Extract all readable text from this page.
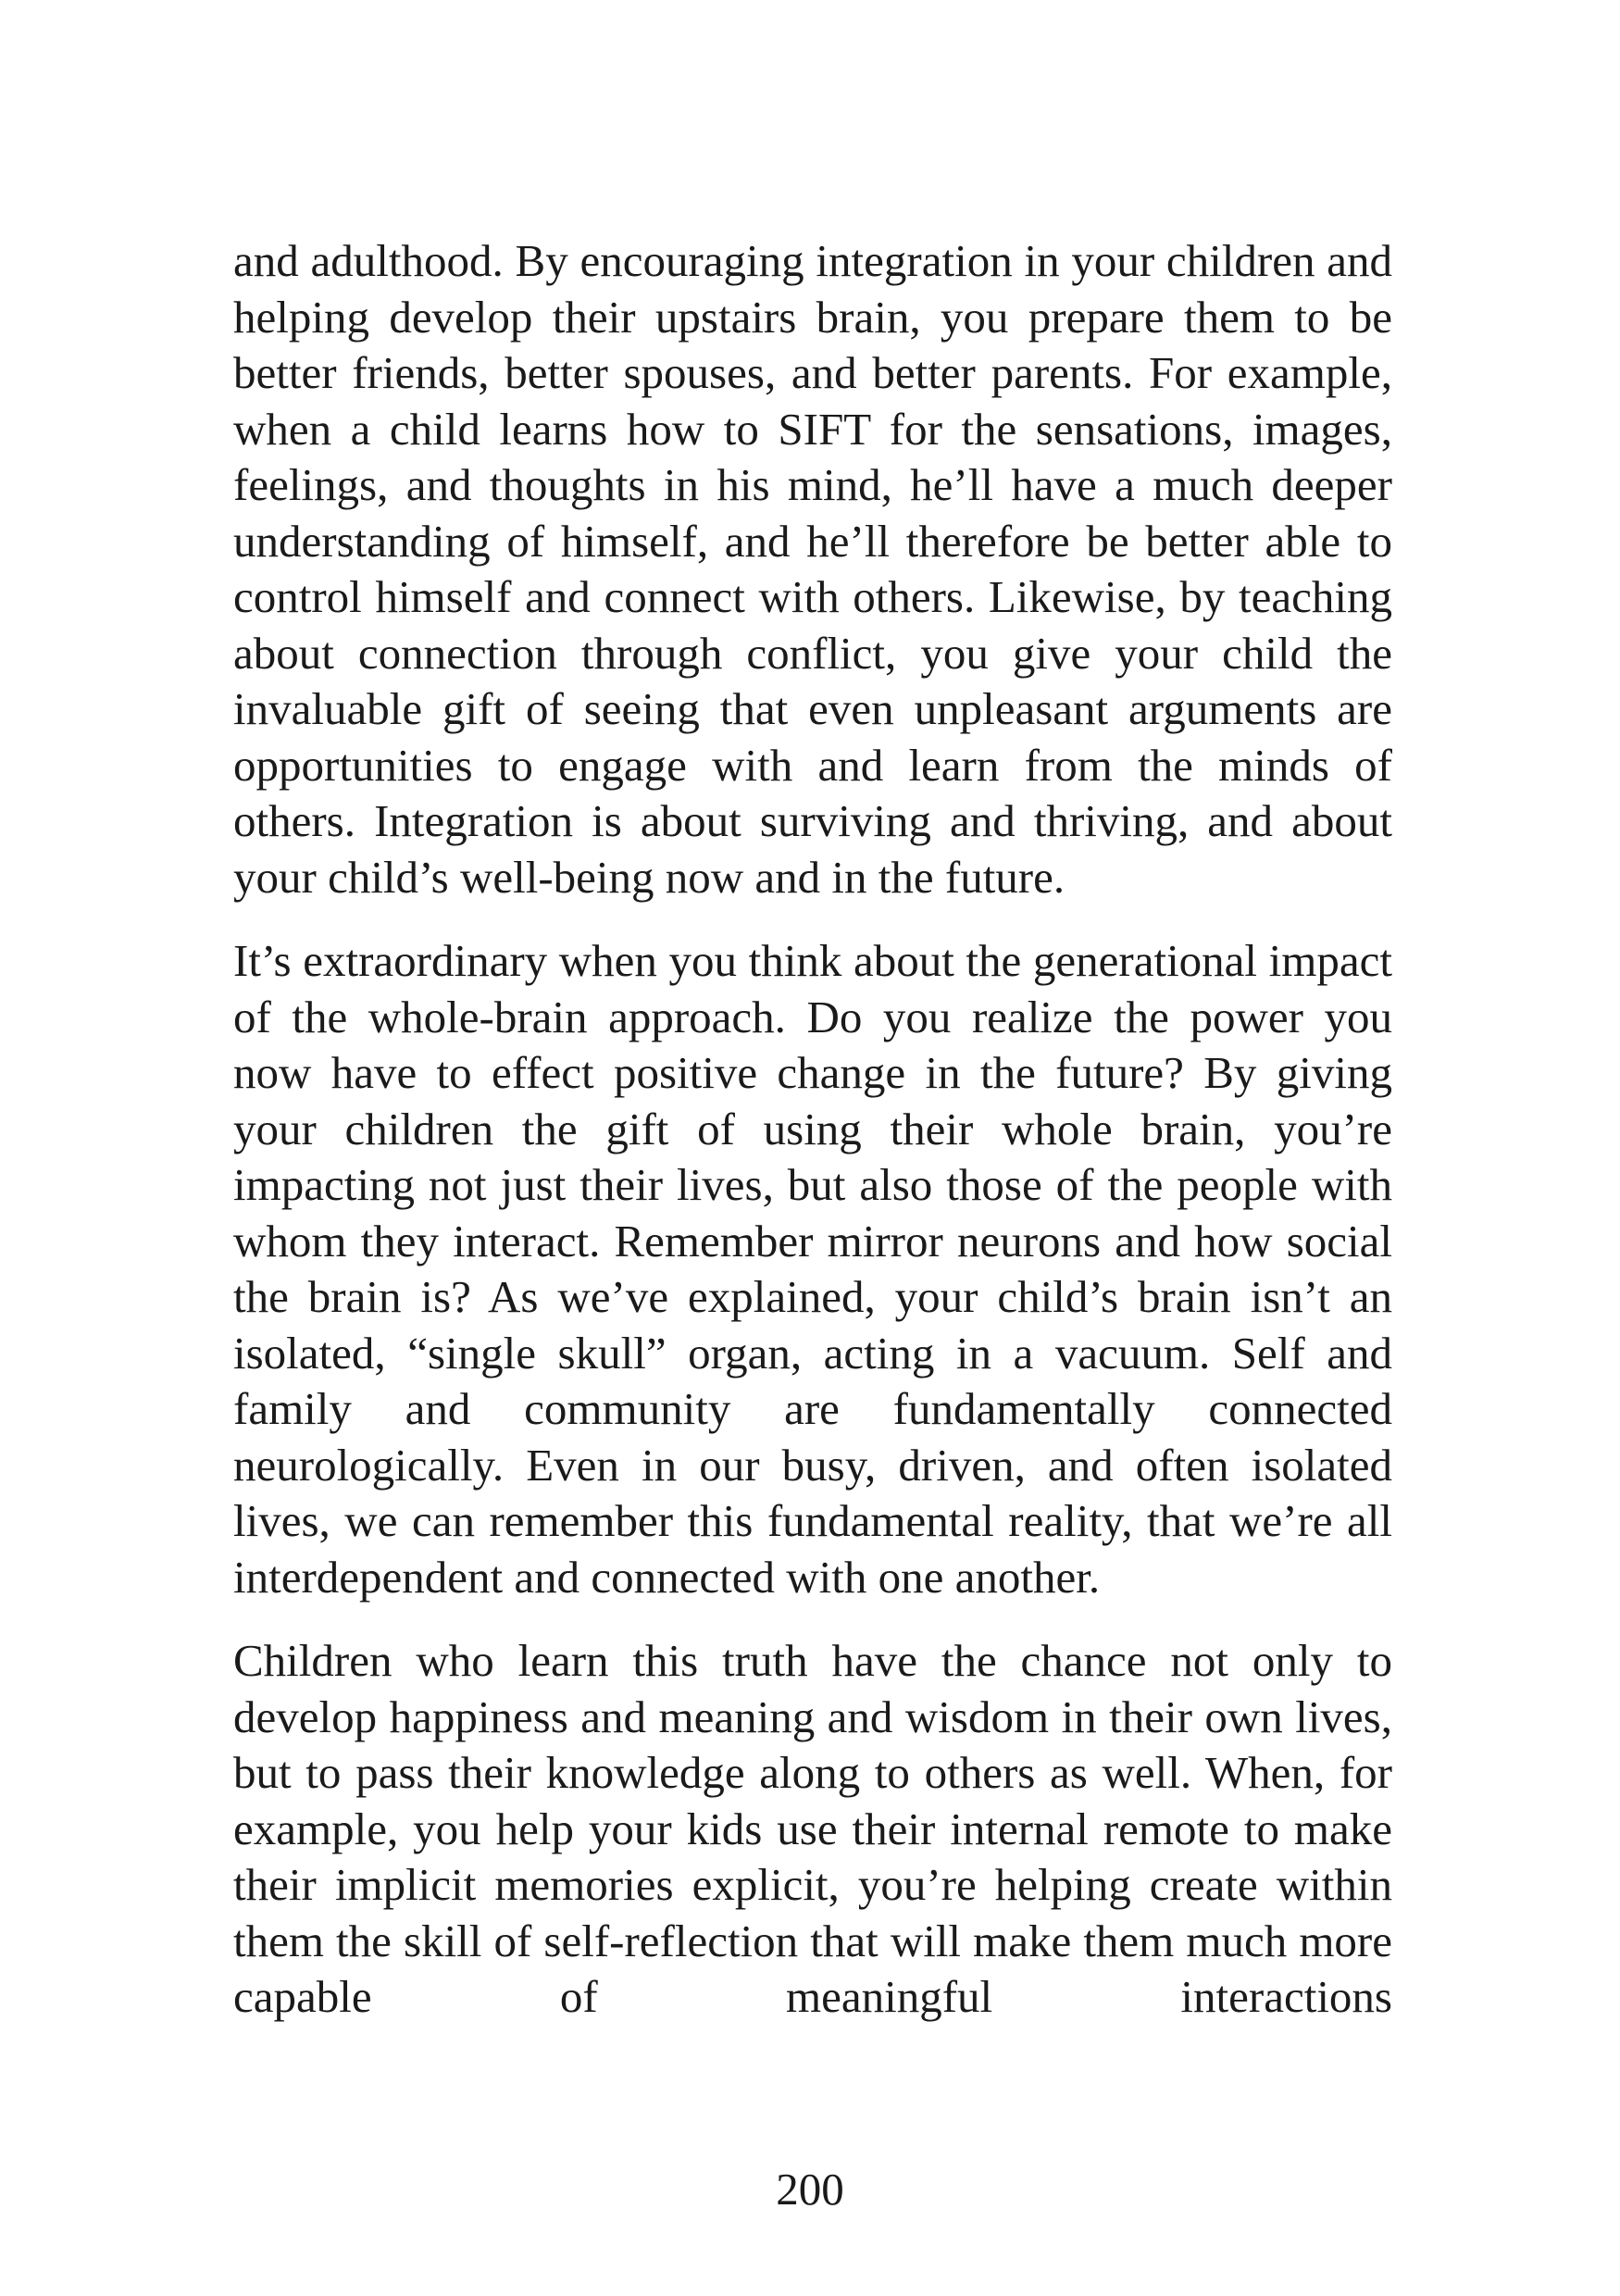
and adulthood. By encouraging integration in your children and helping develop their upstairs brain, you prepare them to be better friends, better spouses, and better parents. For example, when a child learns how to SIFT for the sensations, images, feelings, and thoughts in his mind, he’ll have a much deeper understanding of himself, and he’ll therefore be better able to control himself and connect with others. Likewise, by teaching about connection through conflict, you give your child the invaluable gift of seeing that even unpleasant arguments are opportunities to engage with and learn from the minds of others. Integration is about surviving and thriving, and about your child’s well-being now and in the future.

It’s extraordinary when you think about the generational impact of the whole-brain approach. Do you realize the power you now have to effect positive change in the future? By giving your children the gift of using their whole brain, you’re impacting not just their lives, but also those of the people with whom they interact. Remember mirror neurons and how social the brain is? As we’ve explained, your child’s brain isn’t an isolated, “single skull” organ, acting in a vacuum. Self and family and community are fundamentally connected neurologically. Even in our busy, driven, and often isolated lives, we can remember this fundamental reality, that we’re all interdependent and connected with one another.

Children who learn this truth have the chance not only to develop happiness and meaning and wisdom in their own lives, but to pass their knowledge along to others as well. When, for example, you help your kids use their internal remote to make their implicit memories explicit, you’re helping create within them the skill of self-reflection that will make them much more capable of meaningful interactions

200
